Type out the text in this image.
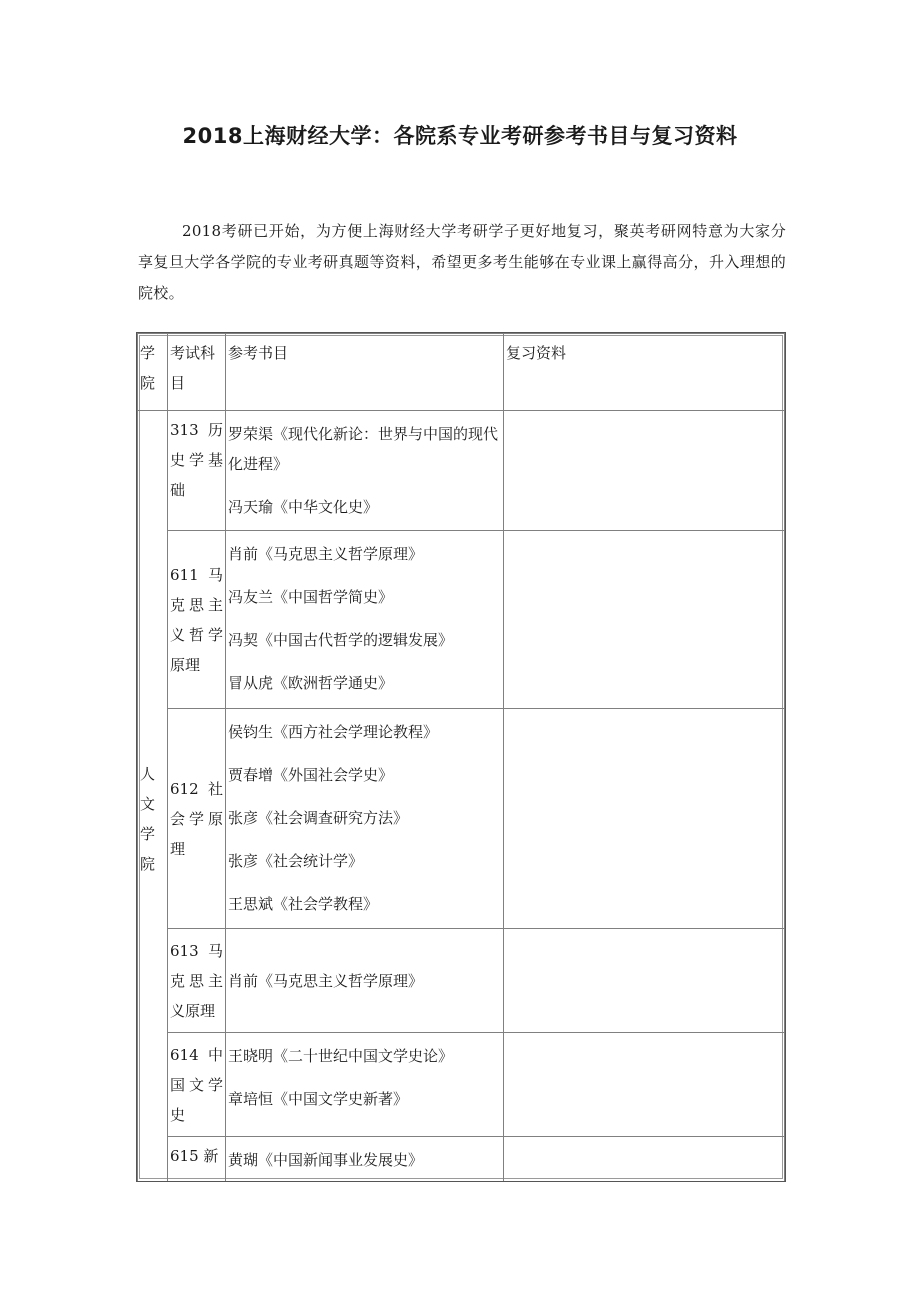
2018上海财经大学：各院系专业考研参考书目与复习资料

2018考研已开始，为方便上海财经大学考研学子更好地复习，聚英考研网特意为大家分享复旦大学各学院的专业考研真题等资料，希望更多考生能够在专业课上赢得高分，升入理想的院校。

学院	考试科目	参考书目	复习资料
人文学院	313 历史学基础	罗荣渠《现代化新论：世界与中国的现代化进程》
冯天瑜《中华文化史》	

	611 马克思主义哲学原理	肖前《马克思主义哲学原理》
冯友兰《中国哲学简史》
冯契《中国古代哲学的逻辑发展》
冒从虎《欧洲哲学通史》	

	612 社会学原理	侯钧生《西方社会学理论教程》
贾春增《外国社会学史》
张彦《社会调查研究方法》
张彦《社会统计学》
王思斌《社会学教程》	

	613 马克思主义原理	肖前《马克思主义哲学原理》	

	614 中国文学史	王晓明《二十世纪中国文学史论》
章培恒《中国文学史新著》	

	615 新	黄瑚《中国新闻事业发展史》	
